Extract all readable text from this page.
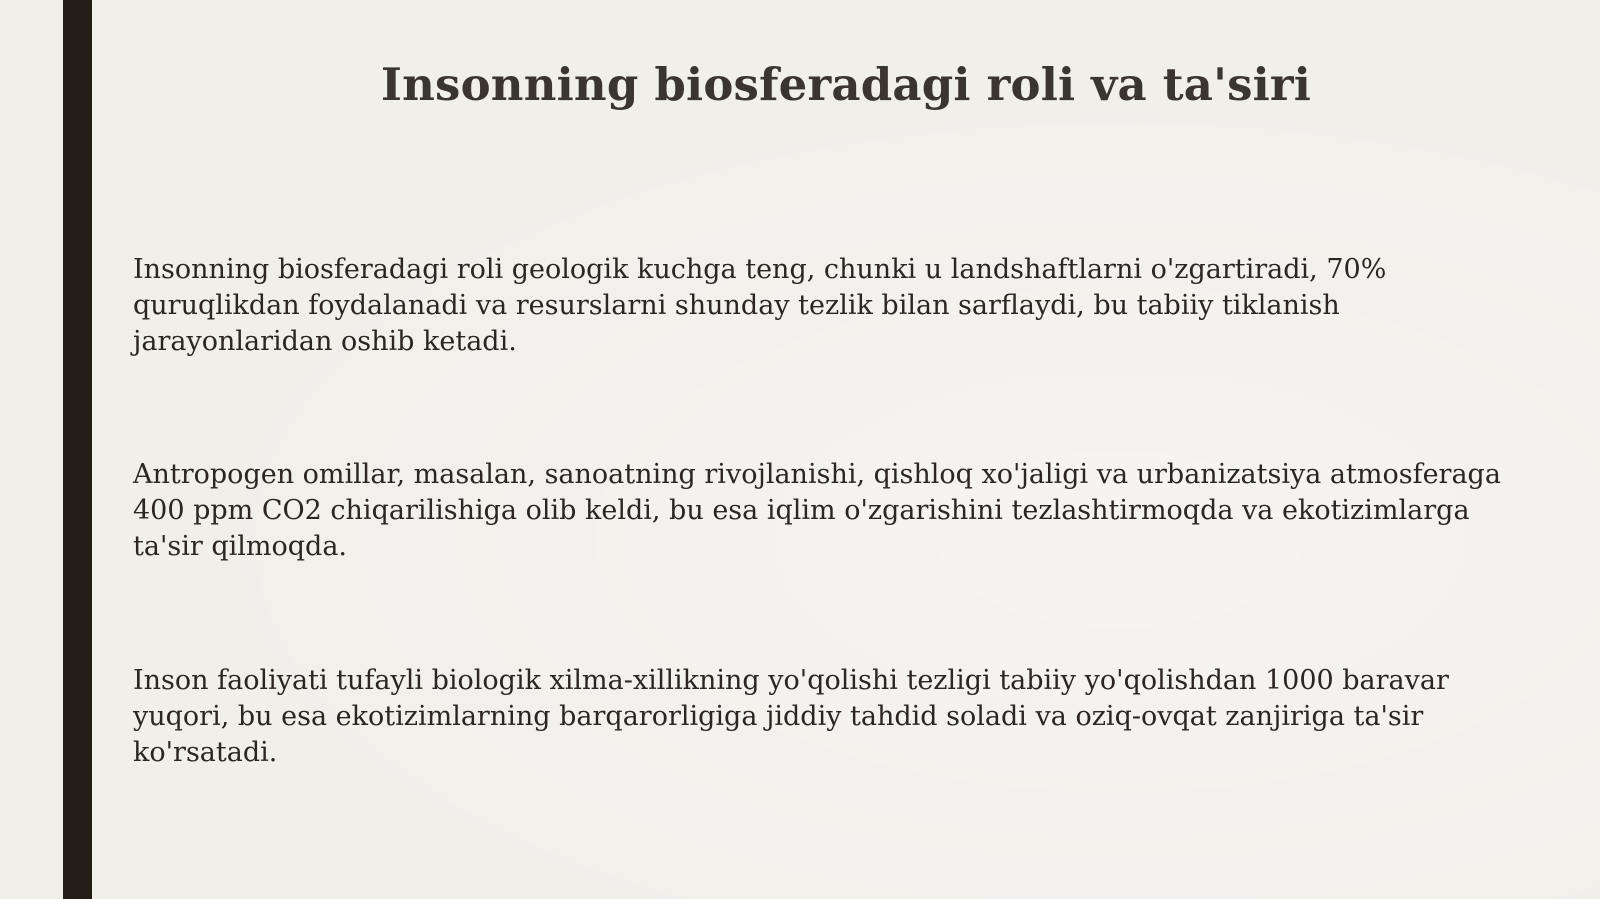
Insonning biosferadagi roli va ta'siri

Insonning biosferadagi roli geologik kuchga teng, chunki u landshaftlarni o'zgartiradi, 70% quruqlikdan foydalanadi va resurslarni shunday tezlik bilan sarflaydi, bu tabiiy tiklanish jarayonlaridan oshib ketadi.

Antropogen omillar, masalan, sanoatning rivojlanishi, qishloq xo'jaligi va urbanizatsiya atmosferaga 400 ppm CO2 chiqarilishiga olib keldi, bu esa iqlim o'zgarishini tezlashtirmoqda va ekotizimlarga ta'sir qilmoqda.

Inson faoliyati tufayli biologik xilma-xillikning yo'qolishi tezligi tabiiy yo'qolishdan 1000 baravar yuqori, bu esa ekotizimlarning barqarorligiga jiddiy tahdid soladi va oziq-ovqat zanjiriga ta'sir ko'rsatadi.
